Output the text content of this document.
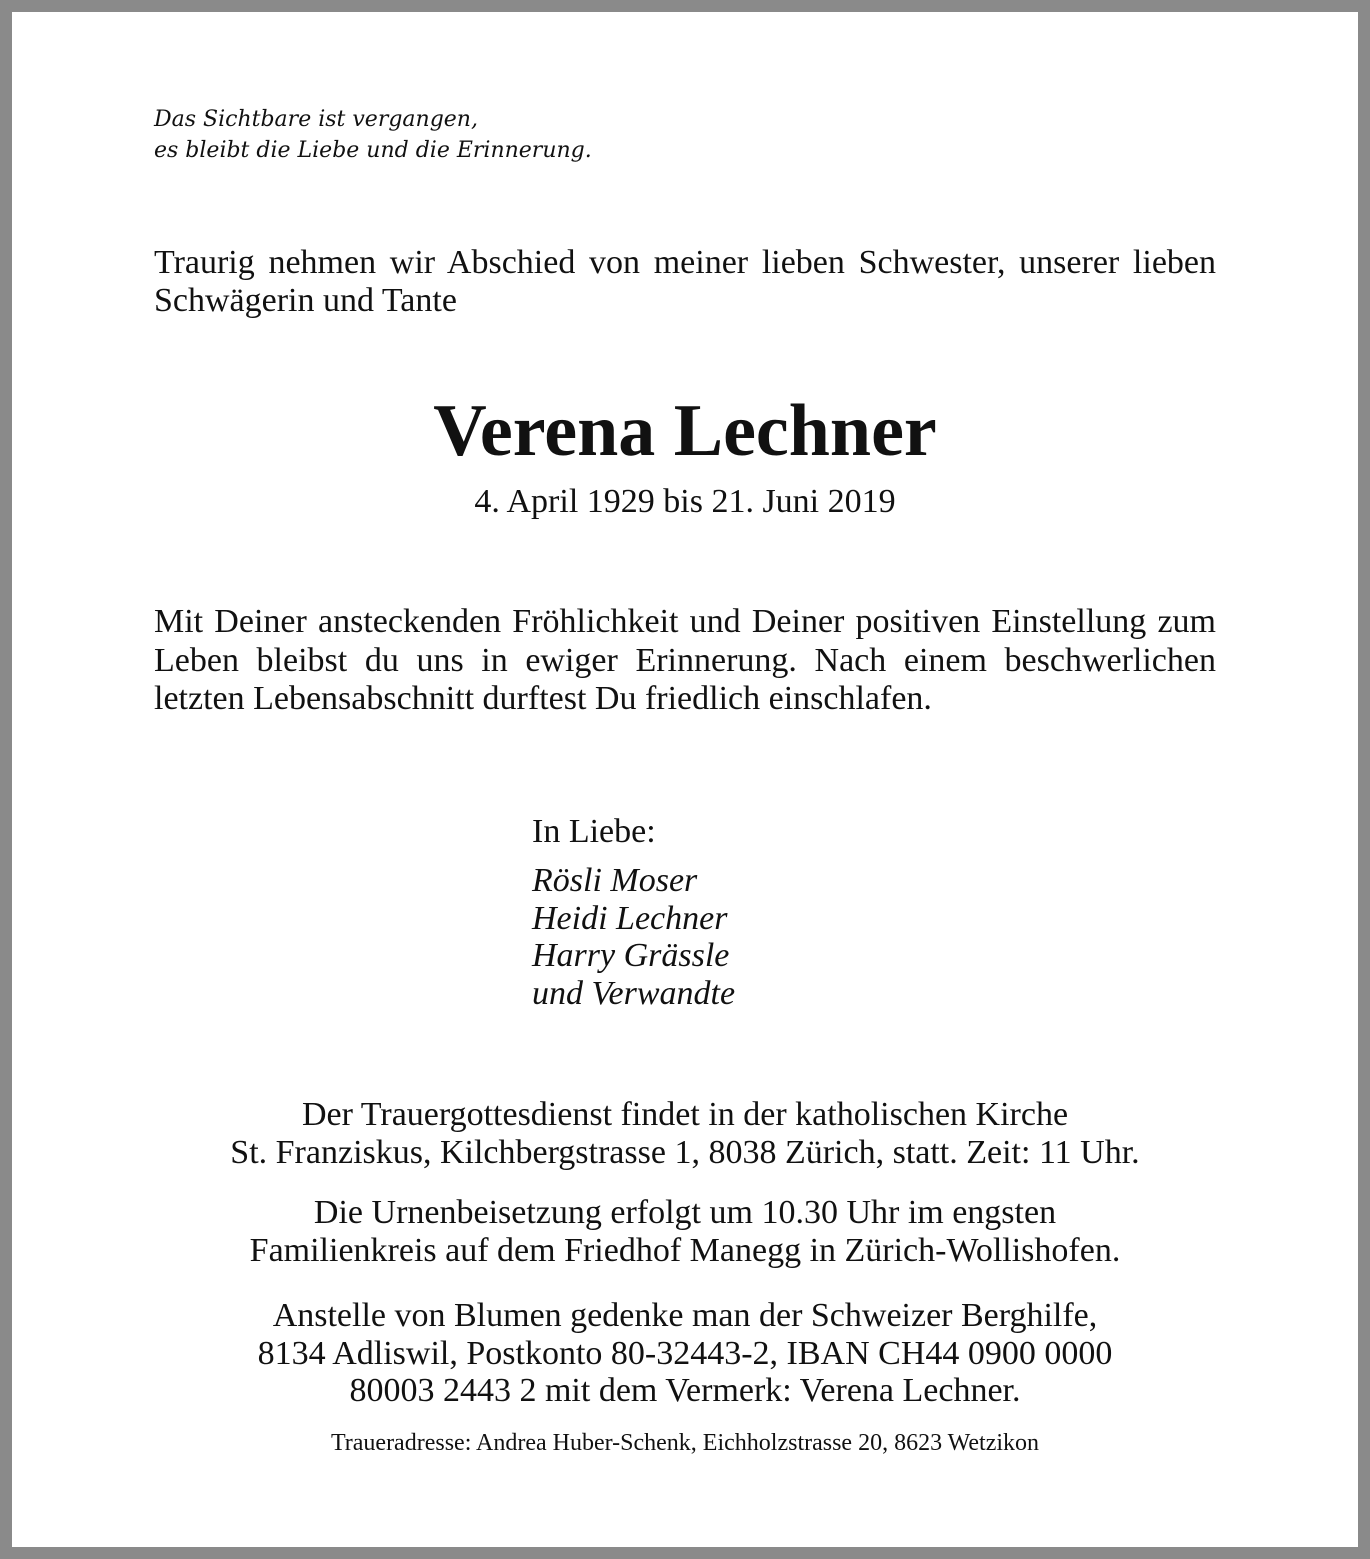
Das Sichtbare ist vergangen,
es bleibt die Liebe und die Erinnerung.
Traurig nehmen wir Abschied von meiner lieben Schwester, unserer lieben Schwägerin und Tante
Verena Lechner
4. April 1929 bis 21. Juni 2019
Mit Deiner ansteckenden Fröhlichkeit und Deiner positiven Einstellung zum Leben bleibst du uns in ewiger Erinnerung. Nach einem beschwerlichen letzten Lebensabschnitt durftest Du friedlich einschlafen.
In Liebe:
Rösli Moser
Heidi Lechner
Harry Grässle
und Verwandte
Der Trauergottesdienst findet in der katholischen Kirche
St. Franziskus, Kilchbergstrasse 1, 8038 Zürich, statt. Zeit: 11 Uhr.
Die Urnenbeisetzung erfolgt um 10.30 Uhr im engsten
Familienkreis auf dem Friedhof Manegg in Zürich-Wollishofen.
Anstelle von Blumen gedenke man der Schweizer Berghilfe,
8134 Adliswil, Postkonto 80-32443-2, IBAN CH44 0900 0000
80003 2443 2 mit dem Vermerk: Verena Lechner.
Traueradresse: Andrea Huber-Schenk, Eichholzstrasse 20, 8623 Wetzikon
